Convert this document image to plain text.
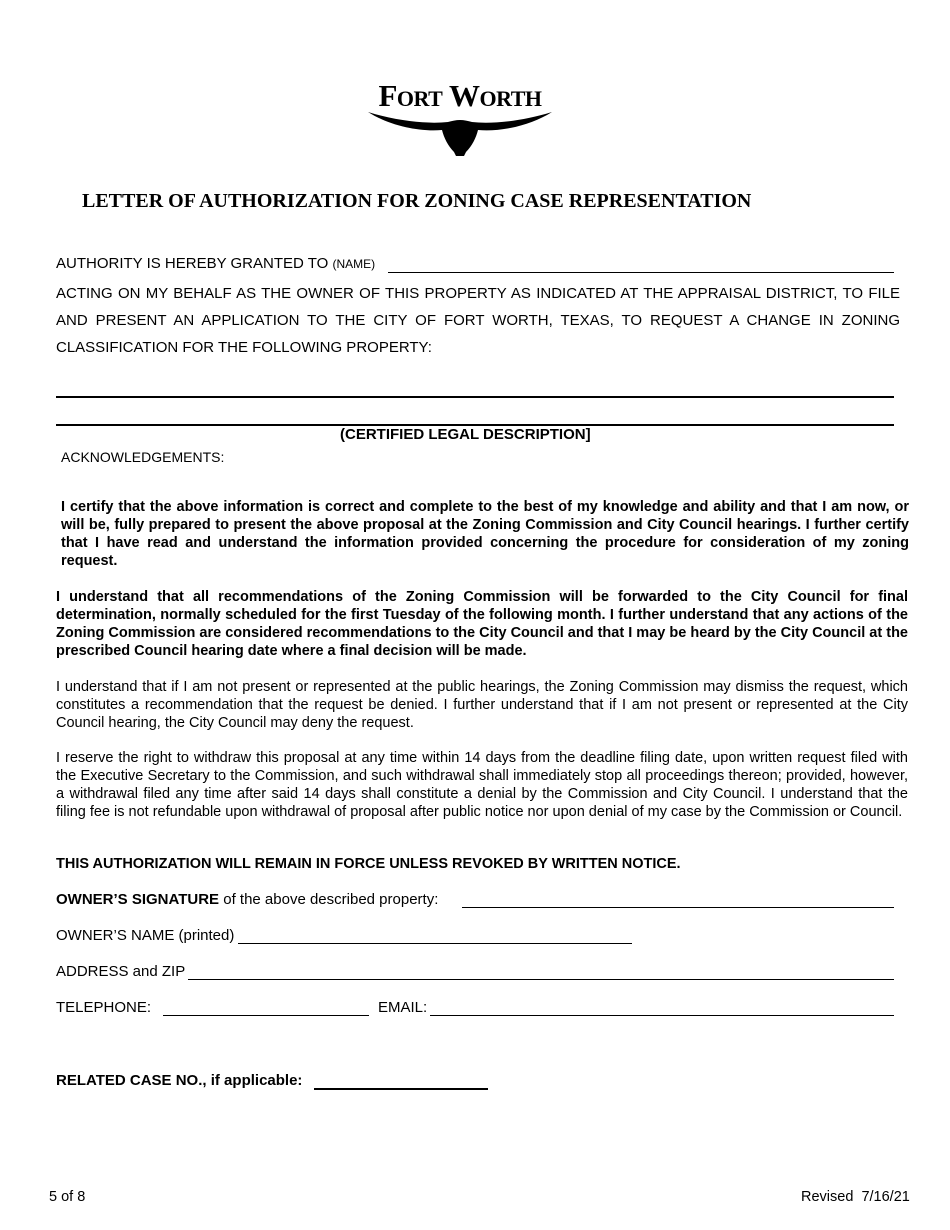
Fort Worth
LETTER OF AUTHORIZATION FOR ZONING CASE REPRESENTATION
AUTHORITY IS HEREBY GRANTED TO (NAME)
ACTING ON MY BEHALF AS THE OWNER OF THIS PROPERTY AS INDICATED AT THE APPRAISAL DISTRICT, TO FILE AND PRESENT AN APPLICATION TO THE CITY OF FORT WORTH, TEXAS, TO REQUEST A CHANGE IN ZONING CLASSIFICATION FOR THE FOLLOWING PROPERTY:
(CERTIFIED LEGAL DESCRIPTION]
ACKNOWLEDGEMENTS:
I certify that the above information is correct and complete to the best of my knowledge and ability and that I am now, or will be, fully prepared to present the above proposal at the Zoning Commission and City Council hearings. I further certify that I have read and understand the information provided concerning the procedure for consideration of my zoning request.
I understand that all recommendations of the Zoning Commission will be forwarded to the City Council for final determination, normally scheduled for the first Tuesday of the following month. I further understand that any actions of the Zoning Commission are considered recommendations to the City Council and that I may be heard by the City Council at the prescribed Council hearing date where a final decision will be made.
I understand that if I am not present or represented at the public hearings, the Zoning Commission may dismiss the request, which constitutes a recommendation that the request be denied. I further understand that if I am not present or represented at the City Council hearing, the City Council may deny the request.
I reserve the right to withdraw this proposal at any time within 14 days from the deadline filing date, upon written request filed with the Executive Secretary to the Commission, and such withdrawal shall immediately stop all proceedings thereon; provided, however, a withdrawal filed any time after said 14 days shall constitute a denial by the Commission and City Council. I understand that the filing fee is not refundable upon withdrawal of proposal after public notice nor upon denial of my case by the Commission or Council.
THIS AUTHORIZATION WILL REMAIN IN FORCE UNLESS REVOKED BY WRITTEN NOTICE.
OWNER’S SIGNATURE of the above described property:
OWNER’S NAME (printed)
ADDRESS and ZIP
TELEPHONE:	EMAIL:
RELATED CASE NO., if applicable:
5 of 8	Revised  7/16/21
